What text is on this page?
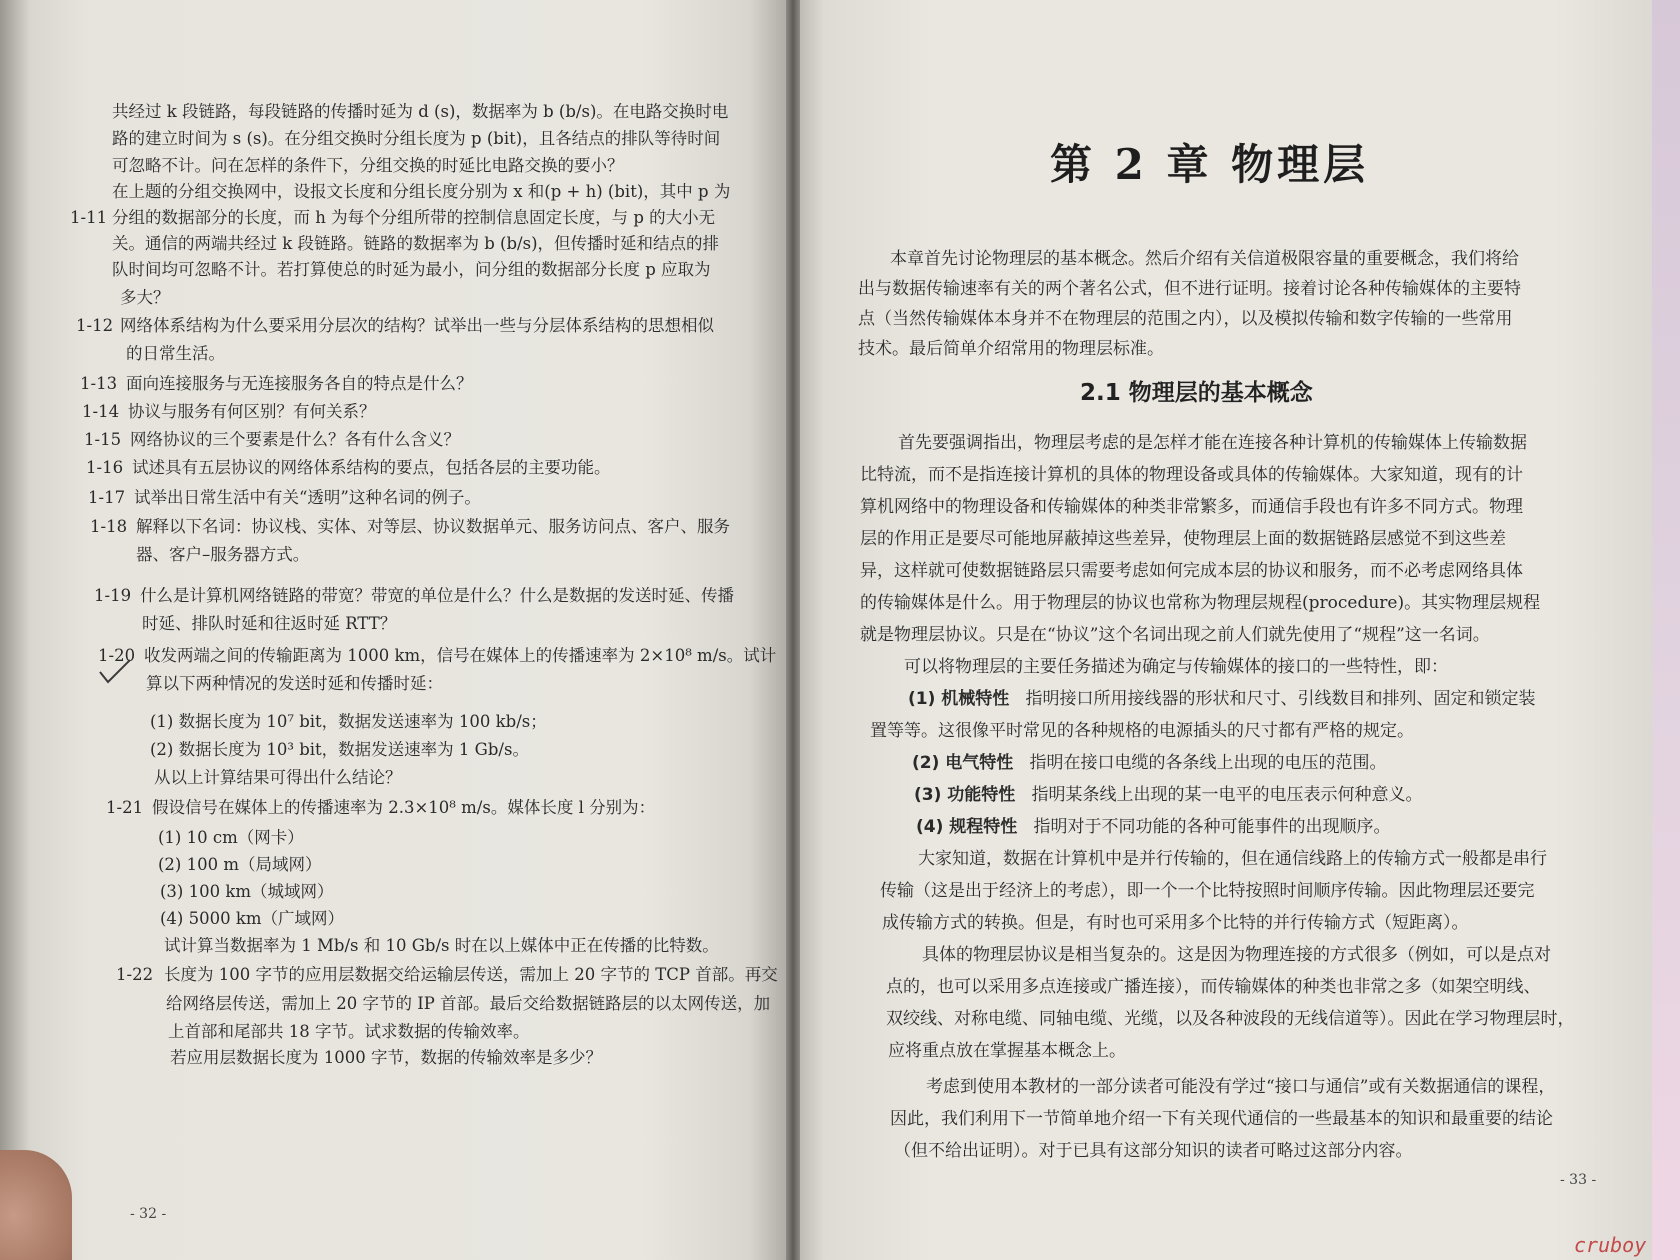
共经过 k 段链路，每段链路的传播时延为 d (s)，数据率为 b (b/s)。在电路交换时电
路的建立时间为 s (s)。在分组交换时分组长度为 p (bit)，且各结点的排队等待时间
可忽略不计。问在怎样的条件下，分组交换的时延比电路交换的要小？
在上题的分组交换网中，设报文长度和分组长度分别为 x 和(p + h) (bit)，其中 p 为
1-11 分组的数据部分的长度，而 h 为每个分组所带的控制信息固定长度，与 p 的大小无
关。通信的两端共经过 k 段链路。链路的数据率为 b (b/s)，但传播时延和结点的排
队时间均可忽略不计。若打算使总的时延为最小，问分组的数据部分长度 p 应取为
多大？
1-12 网络体系结构为什么要采用分层次的结构？试举出一些与分层体系结构的思想相似
的日常生活。
1-13 面向连接服务与无连接服务各自的特点是什么？
1-14 协议与服务有何区别？有何关系？
1-15 网络协议的三个要素是什么？各有什么含义？
1-16 试述具有五层协议的网络体系结构的要点，包括各层的主要功能。
1-17 试举出日常生活中有关“透明”这种名词的例子。
1-18 解释以下名词：协议栈、实体、对等层、协议数据单元、服务访问点、客户、服务
器、客户–服务器方式。
1-19 什么是计算机网络链路的带宽？带宽的单位是什么？什么是数据的发送时延、传播
时延、排队时延和往返时延 RTT？
1-20 收发两端之间的传输距离为 1000 km，信号在媒体上的传播速率为 2×10⁸ m/s。试计
算以下两种情况的发送时延和传播时延：
(1) 数据长度为 10⁷ bit，数据发送速率为 100 kb/s；
(2) 数据长度为 10³ bit，数据发送速率为 1 Gb/s。
从以上计算结果可得出什么结论？
1-21 假设信号在媒体上的传播速率为 2.3×10⁸ m/s。媒体长度 l 分别为：
(1) 10 cm（网卡）
(2) 100 m（局域网）
(3) 100 km（城域网）
(4) 5000 km（广域网）
试计算当数据率为 1 Mb/s 和 10 Gb/s 时在以上媒体中正在传播的比特数。
1-22 长度为 100 字节的应用层数据交给运输层传送，需加上 20 字节的 TCP 首部。再交
给网络层传送，需加上 20 字节的 IP 首部。最后交给数据链路层的以太网传送，加
上首部和尾部共 18 字节。试求数据的传输效率。
若应用层数据长度为 1000 字节，数据的传输效率是多少？
- 32 -
第 2 章 物理层
本章首先讨论物理层的基本概念。然后介绍有关信道极限容量的重要概念，我们将给
出与数据传输速率有关的两个著名公式，但不进行证明。接着讨论各种传输媒体的主要特
点（当然传输媒体本身并不在物理层的范围之内），以及模拟传输和数字传输的一些常用
技术。最后简单介绍常用的物理层标准。
2.1 物理层的基本概念
首先要强调指出，物理层考虑的是怎样才能在连接各种计算机的传输媒体上传输数据
比特流，而不是指连接计算机的具体的物理设备或具体的传输媒体。大家知道，现有的计
算机网络中的物理设备和传输媒体的种类非常繁多，而通信手段也有许多不同方式。物理
层的作用正是要尽可能地屏蔽掉这些差异，使物理层上面的数据链路层感觉不到这些差
异，这样就可使数据链路层只需要考虑如何完成本层的协议和服务，而不必考虑网络具体
的传输媒体是什么。用于物理层的协议也常称为物理层规程(procedure)。其实物理层规程
就是物理层协议。只是在“协议”这个名词出现之前人们就先使用了“规程”这一名词。
可以将物理层的主要任务描述为确定与传输媒体的接口的一些特性，即：
(1) 机械特性 指明接口所用接线器的形状和尺寸、引线数目和排列、固定和锁定装
置等等。这很像平时常见的各种规格的电源插头的尺寸都有严格的规定。
(2) 电气特性 指明在接口电缆的各条线上出现的电压的范围。
(3) 功能特性 指明某条线上出现的某一电平的电压表示何种意义。
(4) 规程特性 指明对于不同功能的各种可能事件的出现顺序。
大家知道，数据在计算机中是并行传输的，但在通信线路上的传输方式一般都是串行
传输（这是出于经济上的考虑），即一个一个比特按照时间顺序传输。因此物理层还要完
成传输方式的转换。但是，有时也可采用多个比特的并行传输方式（短距离）。
具体的物理层协议是相当复杂的。这是因为物理连接的方式很多（例如，可以是点对
点的，也可以采用多点连接或广播连接），而传输媒体的种类也非常之多（如架空明线、
双绞线、对称电缆、同轴电缆、光缆，以及各种波段的无线信道等）。因此在学习物理层时，
应将重点放在掌握基本概念上。
考虑到使用本教材的一部分读者可能没有学过“接口与通信”或有关数据通信的课程，
因此，我们利用下一节简单地介绍一下有关现代通信的一些最基本的知识和最重要的结论
（但不给出证明）。对于已具有这部分知识的读者可略过这部分内容。
- 33 -
cruboy
